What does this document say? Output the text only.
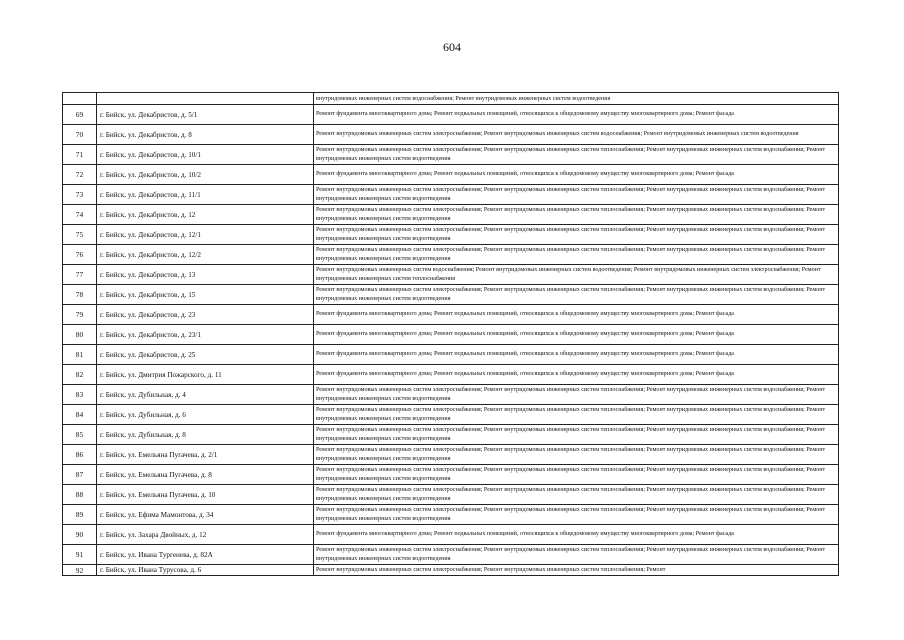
604
		внутридомовых инженерных систем водоснабжения; Ремонт внутридомовых инженерных систем водоотведения
69	г. Бийск, ул. Декабристов, д. 5/1	Ремонт фундамента многоквартирного дома; Ремонт подвальных помещений, относящихся к общедомовому имуществу многоквартирного дома; Ремонт фасада
70	г. Бийск, ул. Декабристов, д. 8	Ремонт внутридомовых инженерных систем электроснабжения; Ремонт внутридомовых инженерных систем водоснабжения; Ремонт внутридомовых инженерных систем водоотведения
71	г. Бийск, ул. Декабристов, д. 10/1	Ремонт внутридомовых инженерных систем электроснабжения; Ремонт внутридомовых инженерных систем теплоснабжения; Ремонт внутридомовых инженерных систем водоснабжения; Ремонт внутридомовых инженерных систем водоотведения
72	г. Бийск, ул. Декабристов, д. 10/2	Ремонт фундамента многоквартирного дома; Ремонт подвальных помещений, относящихся к общедомовому имуществу многоквартирного дома; Ремонт фасада
73	г. Бийск, ул. Декабристов, д. 11/1	Ремонт внутридомовых инженерных систем электроснабжения; Ремонт внутридомовых инженерных систем теплоснабжения; Ремонт внутридомовых инженерных систем водоснабжения; Ремонт внутридомовых инженерных систем водоотведения
74	г. Бийск, ул. Декабристов, д. 12	Ремонт внутридомовых инженерных систем электроснабжения; Ремонт внутридомовых инженерных систем теплоснабжения; Ремонт внутридомовых инженерных систем водоснабжения; Ремонт внутридомовых инженерных систем водоотведения
75	г. Бийск, ул. Декабристов, д. 12/1	Ремонт внутридомовых инженерных систем электроснабжения; Ремонт внутридомовых инженерных систем теплоснабжения; Ремонт внутридомовых инженерных систем водоснабжения; Ремонт внутридомовых инженерных систем водоотведения
76	г. Бийск, ул. Декабристов, д. 12/2	Ремонт внутридомовых инженерных систем электроснабжения; Ремонт внутридомовых инженерных систем теплоснабжения; Ремонт внутридомовых инженерных систем водоснабжения; Ремонт внутридомовых инженерных систем водоотведения
77	г. Бийск, ул. Декабристов, д. 13	Ремонт внутридомовых инженерных систем водоснабжения; Ремонт внутридомовых инженерных систем водоотведения; Ремонт внутридомовых инженерных систем электроснабжения; Ремонт внутридомовых инженерных систем теплоснабжения
78	г. Бийск, ул. Декабристов, д. 15	Ремонт внутридомовых инженерных систем электроснабжения; Ремонт внутридомовых инженерных систем теплоснабжения; Ремонт внутридомовых инженерных систем водоснабжения; Ремонт внутридомовых инженерных систем водоотведения
79	г. Бийск, ул. Декабристов, д. 23	Ремонт фундамента многоквартирного дома; Ремонт подвальных помещений, относящихся к общедомовому имуществу многоквартирного дома; Ремонт фасада
80	г. Бийск, ул. Декабристов, д. 23/1	Ремонт фундамента многоквартирного дома; Ремонт подвальных помещений, относящихся к общедомовому имуществу многоквартирного дома; Ремонт фасада
81	г. Бийск, ул. Декабристов, д. 25	Ремонт фундамента многоквартирного дома; Ремонт подвальных помещений, относящихся к общедомовому имуществу многоквартирного дома; Ремонт фасада
82	г. Бийск, ул. Дмитрия Пожарского, д. 11	Ремонт фундамента многоквартирного дома; Ремонт подвальных помещений, относящихся к общедомовому имуществу многоквартирного дома; Ремонт фасада
83	г. Бийск, ул. Дубильная, д. 4	Ремонт внутридомовых инженерных систем электроснабжения; Ремонт внутридомовых инженерных систем теплоснабжения; Ремонт внутридомовых инженерных систем водоснабжения; Ремонт внутридомовых инженерных систем водоотведения
84	г. Бийск, ул. Дубильная, д. 6	Ремонт внутридомовых инженерных систем электроснабжения; Ремонт внутридомовых инженерных систем теплоснабжения; Ремонт внутридомовых инженерных систем водоснабжения; Ремонт внутридомовых инженерных систем водоотведения
85	г. Бийск, ул. Дубильная, д. 8	Ремонт внутридомовых инженерных систем электроснабжения; Ремонт внутридомовых инженерных систем теплоснабжения; Ремонт внутридомовых инженерных систем водоснабжения; Ремонт внутридомовых инженерных систем водоотведения
86	г. Бийск, ул. Емельяна Пугачева, д. 2/1	Ремонт внутридомовых инженерных систем электроснабжения; Ремонт внутридомовых инженерных систем теплоснабжения; Ремонт внутридомовых инженерных систем водоснабжения; Ремонт внутридомовых инженерных систем водоотведения
87	г. Бийск, ул. Емельяна Пугачева, д. 8	Ремонт внутридомовых инженерных систем электроснабжения; Ремонт внутридомовых инженерных систем теплоснабжения; Ремонт внутридомовых инженерных систем водоснабжения; Ремонт внутридомовых инженерных систем водоотведения
88	г. Бийск, ул. Емельяна Пугачева, д. 10	Ремонт внутридомовых инженерных систем электроснабжения; Ремонт внутридомовых инженерных систем теплоснабжения; Ремонт внутридомовых инженерных систем водоснабжения; Ремонт внутридомовых инженерных систем водоотведения
89	г. Бийск, ул. Ефима Мамонтова, д. 34	Ремонт внутридомовых инженерных систем электроснабжения; Ремонт внутридомовых инженерных систем теплоснабжения; Ремонт внутридомовых инженерных систем водоснабжения; Ремонт внутридомовых инженерных систем водоотведения
90	г. Бийск, ул. Захара Двойных, д. 12	Ремонт фундамента многоквартирного дома; Ремонт подвальных помещений, относящихся к общедомовому имуществу многоквартирного дома; Ремонт фасада
91	г. Бийск, ул. Ивана Тургенева, д. 82А	Ремонт внутридомовых инженерных систем электроснабжения; Ремонт внутридомовых инженерных систем теплоснабжения; Ремонт внутридомовых инженерных систем водоснабжения; Ремонт внутридомовых инженерных систем водоотведения
92	г. Бийск, ул. Ивана Турусова, д. 6	Ремонт внутридомовых инженерных систем электроснабжения; Ремонт внутридомовых инженерных систем теплоснабжения; Ремонт
